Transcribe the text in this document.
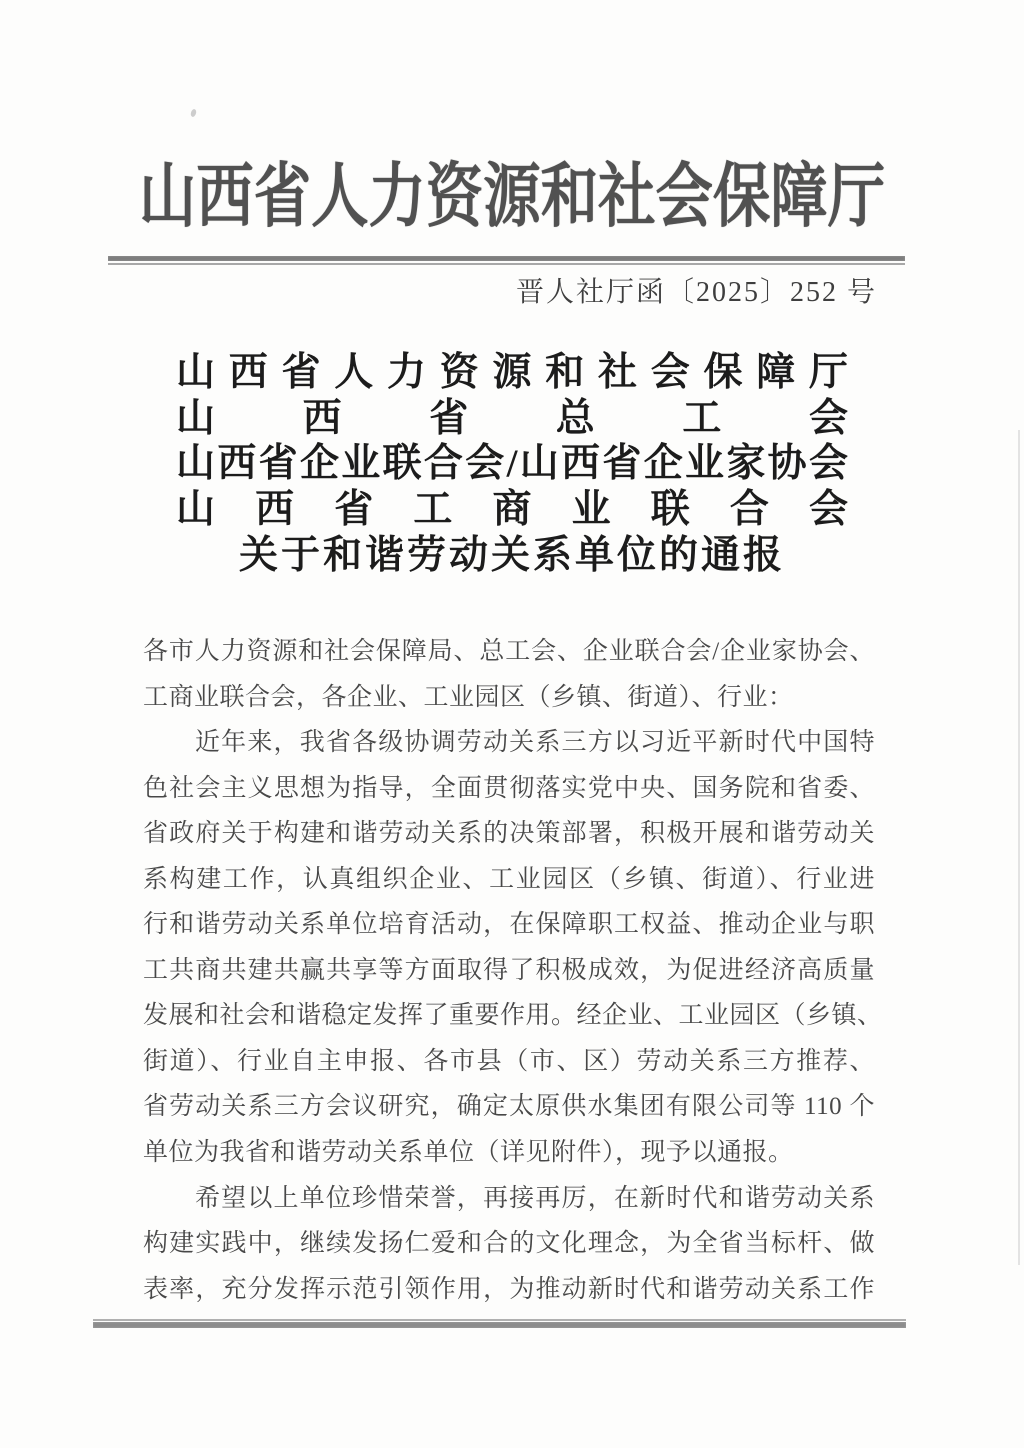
山西省人力资源和社会保障厅
晋人社厅函〔2025〕252 号
山西省人力资源和社会保障厅
山西省总工会
山西省企业联合会/山西省企业家协会
山西省工商业联合会
关于和谐劳动关系单位的通报
各市人力资源和社会保障局、总工会、企业联合会/企业家协会、
工商业联合会，各企业、工业园区（乡镇、街道）、行业：
近年来，我省各级协调劳动关系三方以习近平新时代中国特
色社会主义思想为指导，全面贯彻落实党中央、国务院和省委、
省政府关于构建和谐劳动关系的决策部署，积极开展和谐劳动关
系构建工作，认真组织企业、工业园区（乡镇、街道）、行业进
行和谐劳动关系单位培育活动，在保障职工权益、推动企业与职
工共商共建共赢共享等方面取得了积极成效，为促进经济高质量
发展和社会和谐稳定发挥了重要作用。经企业、工业园区（乡镇、
街道）、行业自主申报、各市县（市、区）劳动关系三方推荐、
省劳动关系三方会议研究，确定太原供水集团有限公司等 110 个
单位为我省和谐劳动关系单位（详见附件），现予以通报。
希望以上单位珍惜荣誉，再接再厉，在新时代和谐劳动关系
构建实践中，继续发扬仁爱和合的文化理念，为全省当标杆、做
表率，充分发挥示范引领作用，为推动新时代和谐劳动关系工作
